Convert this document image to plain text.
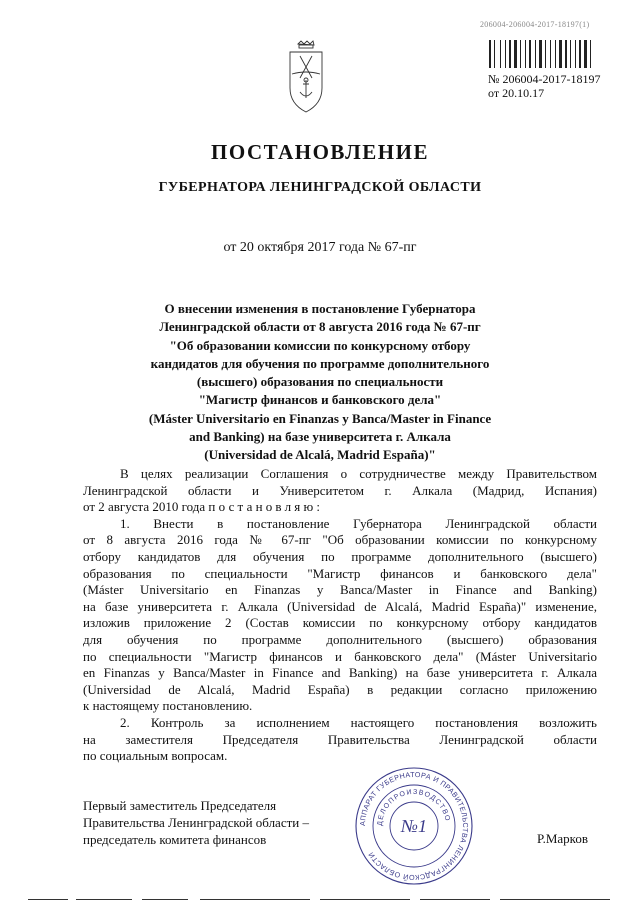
206004-206004-2017-18197(1)
№ 206004-2017-18197
от 20.10.17
ПОСТАНОВЛЕНИЕ
ГУБЕРНАТОРА ЛЕНИНГРАДСКОЙ ОБЛАСТИ
от 20 октября 2017 года № 67-пг
О внесении изменения в постановление Губернатора
Ленинградской области от 8 августа 2016 года № 67-пг
"Об образовании комиссии по конкурсному отбору
кандидатов для обучения по программе дополнительного
(высшего) образования по специальности
"Магистр финансов и банковского дела"
(Máster Universitario en Finanzas y Banca/Master in Finance
and Banking) на базе университета г. Алкала
(Universidad de Alcalá, Madrid España)"
В целях реализации Соглашения о сотрудничестве между Правительством
Ленинградской области и Университетом г. Алкала (Мадрид, Испания)
от 2 августа 2010 года постановляю:
1. Внести в постановление Губернатора Ленинградской области
от 8 августа 2016 года № 67-пг "Об образовании комиссии по конкурсному
отбору кандидатов для обучения по программе дополнительного (высшего)
образования по специальности "Магистр финансов и банковского дела"
(Máster Universitario en Finanzas y Banca/Master in Finance and Banking)
на базе университета г. Алкала (Universidad de Alcalá, Madrid España)" изменение,
изложив приложение 2 (Состав комиссии по конкурсному отбору кандидатов
для обучения по программе дополнительного (высшего) образования
по специальности "Магистр финансов и банковского дела" (Máster Universitario
en Finanzas y Banca/Master in Finance and Banking) на базе университета г. Алкала
(Universidad de Alcalá, Madrid España) в редакции согласно приложению
к настоящему постановлению.
2. Контроль за исполнением настоящего постановления возложить
на заместителя Председателя Правительства Ленинградской области
по социальным вопросам.
Первый заместитель Председателя
Правительства Ленинградской области –
председатель комитета финансов
АППАРАТ ГУБЕРНАТОРА И ПРАВИТЕЛЬСТВА ЛЕНИНГРАДСКОЙ ОБЛАСТИ
ДЕЛОПРОИЗВОДСТВО
№1
Р.Марков
